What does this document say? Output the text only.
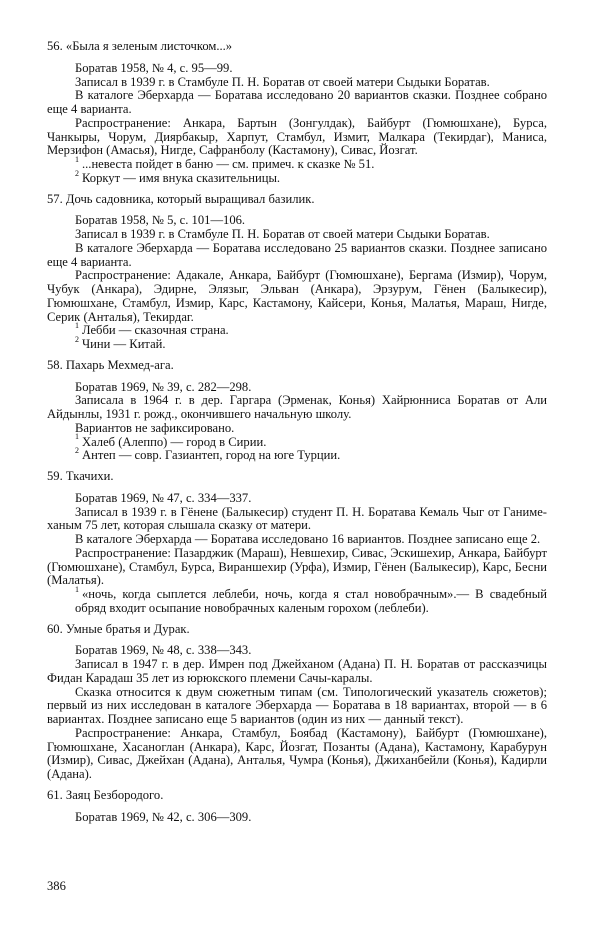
56. «Была я зеленым листочком...»

Боратав 1958, № 4, с. 95—99.

Записал в 1939 г. в Стамбуле П. Н. Боратав от своей матери Сыдыки Боратав.

В каталоге Эберхарда — Боратава исследовано 20 вариантов сказки. Позднее собрано еще 4 варианта.

Распространение: Анкара, Бартын (Зонгулдак), Байбурт (Гюмюшхане), Бурса, Чанкыры, Чорум, Диярбакыр, Харпут, Стамбул, Измит, Малкара (Текирдаг), Маниса, Мерзифон (Амасья), Нигде, Сафранболу (Кастамону), Сивас, Йозгат.

$^1$ ...невеста пойдет в баню — см. примеч. к сказке № 51.

$^2$ Коркут — имя внука сказительницы.

57. Дочь садовника, который выращивал базилик.

Боратав 1958, № 5, с. 101—106.

Записал в 1939 г. в Стамбуле П. Н. Боратав от своей матери Сыдыки Боратав.

В каталоге Эберхарда — Боратава исследовано 25 вариантов сказки. Позднее записано еще 4 варианта.

Распространение: Адакале, Анкара, Байбурт (Гюмюшхане), Бергама (Измир), Чорум, Чубук (Анкара), Эдирне, Элязыг, Эльван (Анкара), Эрзурум, Гёнен (Балыкесир), Гюмюшхане, Стамбул, Измир, Карс, Кастамону, Кайсери, Конья, Малатья, Мараш, Нигде, Серик (Анталья), Текирдаг.

$^1$ Лебби — сказочная страна.

$^2$ Чини — Китай.

58. Пахарь Мехмед-ага.

Боратав 1969, № 39, с. 282—298.

Записала в 1964 г. в дер. Гаргара (Эрменак, Конья) Хайрюнниса Боратав от Али Айдынлы, 1931 г. рожд., окончившего начальную школу.

Вариантов не зафиксировано.

$^1$ Халеб (Алеппо) — город в Сирии.

$^2$ Антеп — совр. Газиантеп, город на юге Турции.

59. Ткачихи.

Боратав 1969, № 47, с. 334—337.

Записал в 1939 г. в Гёнене (Балыкесир) студент П. Н. Боратава Кемаль Чыг от Ганиме-ханым 75 лет, которая слышала сказку от матери.

В каталоге Эберхарда — Боратава исследовано 16 вариантов. Позднее записано еще 2.

Распространение: Пазарджик (Мараш), Невшехир, Сивас, Эскишехир, Анкара, Байбурт (Гюмюшхане), Стамбул, Бурса, Вираншехир (Урфа), Измир, Гёнен (Балыкесир), Карс, Бесни (Малатья).

$^1$ «ночь, когда сыплется леблеби, ночь, когда я стал новобрачным».— В свадебный обряд входит осыпание новобрачных каленым горохом (леблеби).

60. Умные братья и Дурак.

Боратав 1969, № 48, с. 338—343.

Записал в 1947 г. в дер. Имрен под Джейханом (Адана) П. Н. Боратав от рассказчицы Фидан Карадаш 35 лет из юрюкского племени Сачы-каралы.

Сказка относится к двум сюжетным типам (см. Типологический указатель сюжетов); первый из них исследован в каталоге Эберхарда — Боратава в 18 вариантах, второй — в 6 вариантах. Позднее записано еще 5 вариантов (один из них — данный текст).

Распространение: Анкара, Стамбул, Боябад (Кастамону), Байбурт (Гюмюшхане), Гюмюшхане, Хасаноглан (Анкара), Карс, Йозгат, Позанты (Адана), Кастамону, Карабурун (Измир), Сивас, Джейхан (Адана), Анталья, Чумра (Конья), Джиханбейли (Конья), Кадирли (Адана).

61. Заяц Безбородого.

Боратав 1969, № 42, с. 306—309.

386
